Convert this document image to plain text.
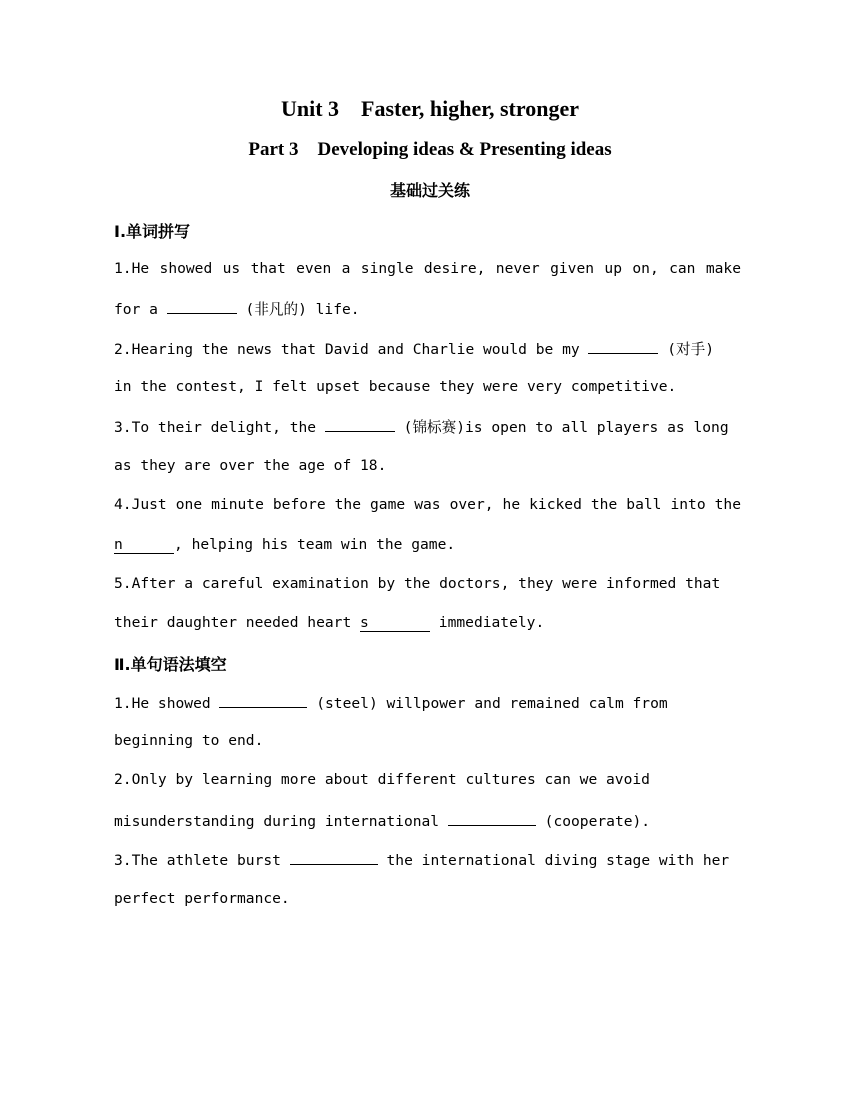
Unit 3    Faster, higher, stronger
Part 3    Developing ideas & Presenting ideas
基础过关练
Ⅰ.单词拼写
1.He showed us that even a single desire, never given up on, can make
for a	(非凡的) life.
2.Hearing the news that David and Charlie would be my	(对手)
in the contest, I felt upset because they were very competitive.
3.To their delight, the	(锦标赛)is open to all players as long
as they are over the age of 18.
4.Just one minute before the game was over, he kicked the ball into the
n	, helping his team win the game.
5.After a careful examination by the doctors, they were informed that
their daughter needed heart s	immediately.
Ⅱ.单句语法填空
1.He showed	(steel) willpower and remained calm from
beginning to end.
2.Only by learning more about different cultures can we avoid
misunderstanding during international	(cooperate).
3.The athlete burst	the international diving stage with her
perfect performance.
